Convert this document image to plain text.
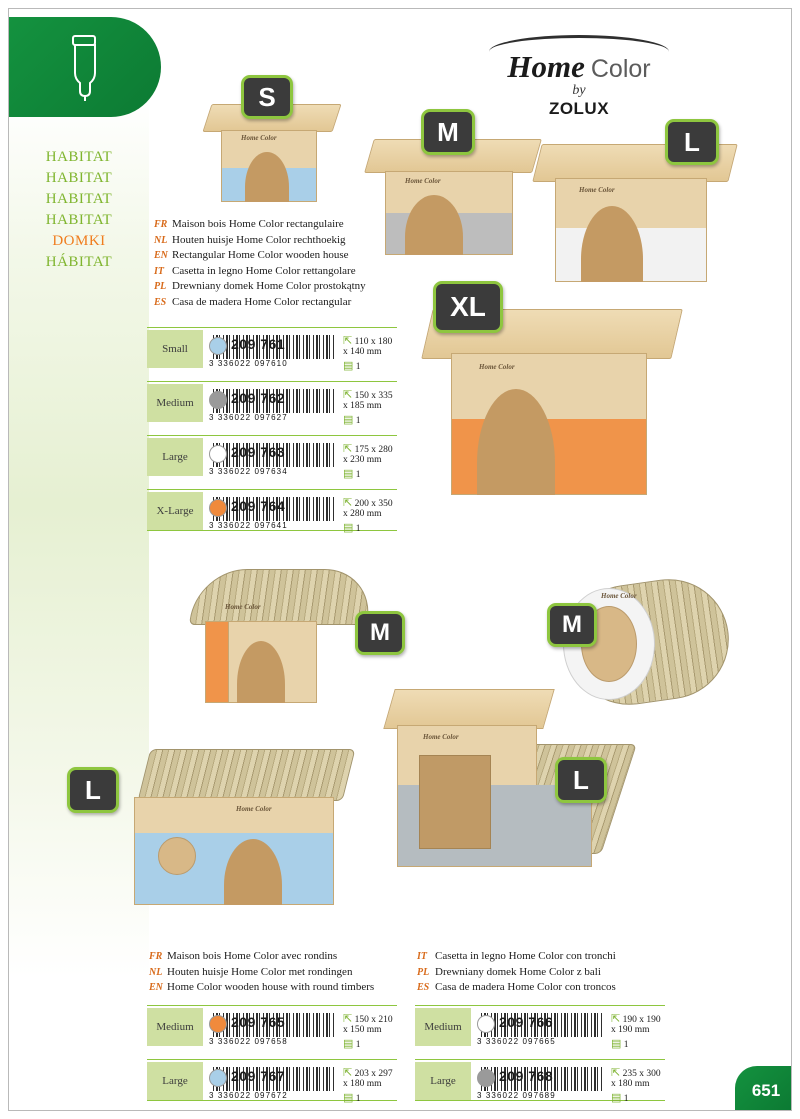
HABITAT
HABITAT
HABITAT
HABITAT
DOMKI
HÁBITAT
Home Color
by
ZOLUX
Home Color
Home Color
Home Color
Home Color
S
M	L
XL
FR Maison bois Home Color rectangulaire
NL Houten huisje Home Color rechthoekig
EN Rectangular Home Color wooden house
IT Casetta in legno Home Color rettangolare
PL Drewniany domek Home Color prostokątny
ES Casa de madera Home Color rectangular
Small
3 336022 097610
209 761	⇱ 110 x 180 x 140 mm
▤ 1
Medium
3 336022 097627
209 762	⇱ 150 x 335 x 185 mm
▤ 1
Large
3 336022 097634
209 763	⇱ 175 x 280 x 230 mm
▤ 1
X-Large
3 336022 097641
209 764	⇱ 200 x 350 x 280 mm
▤ 1
Home Color
M
Home Color
M
Home Color
L
Home Color
L
FR Maison bois Home Color avec rondins
NL Houten huisje Home Color met rondingen
EN Home Color wooden house with round timbers
IT Casetta in legno Home Color con tronchi
PL Drewniany domek Home Color z bali
ES Casa de madera Home Color con troncos
Medium
3 336022 097658
209 765	⇱ 150 x 210 x 150 mm
▤ 1
Large
3 336022 097672
209 767	⇱ 203 x 297 x 180 mm
▤ 1
Medium
3 336022 097665
209 766	⇱ 190 x 190 x 190 mm
▤ 1
Large
3 336022 097689
209 768	⇱ 235 x 300 x 180 mm
▤ 1	651
